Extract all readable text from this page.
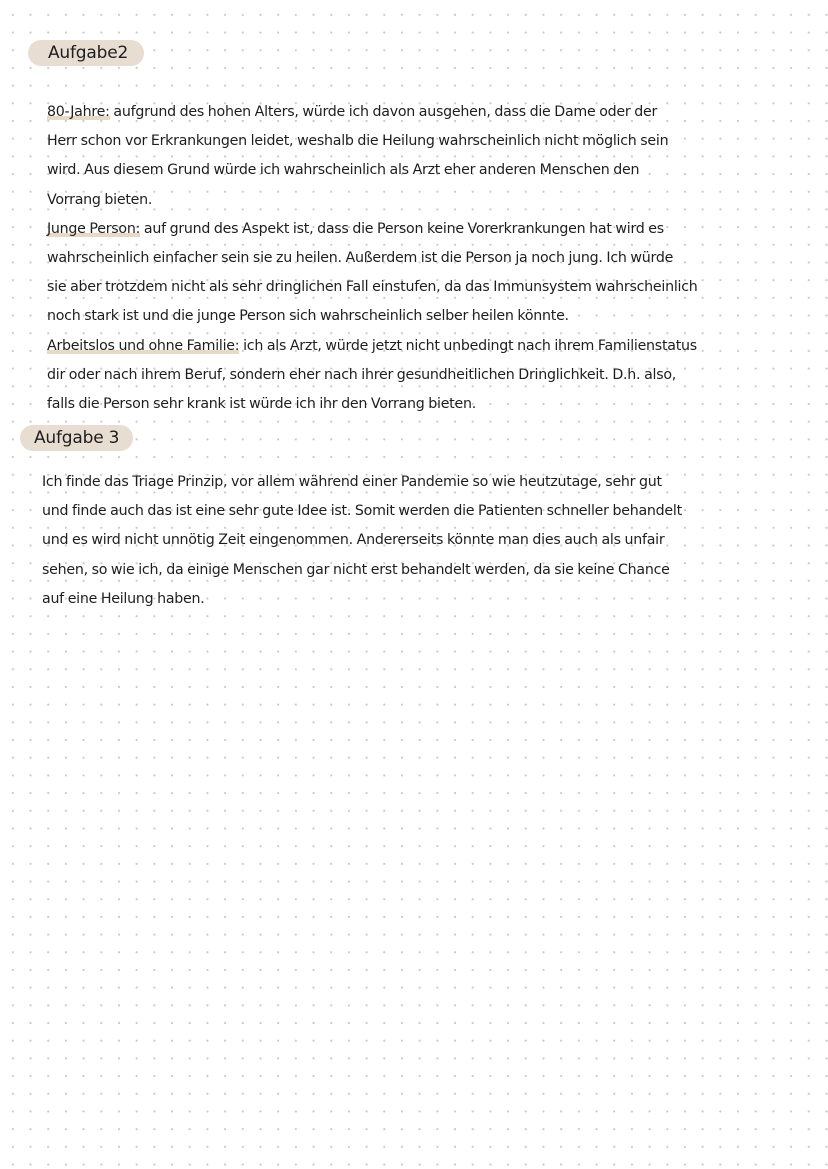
Aufgabe2
80-Jahre: aufgrund des hohen Alters, würde ich davon ausgehen, dass die Dame oder der
Herr schon vor Erkrankungen leidet, weshalb die Heilung wahrscheinlich nicht möglich sein
wird. Aus diesem Grund würde ich wahrscheinlich als Arzt eher anderen Menschen den
Vorrang bieten.
Junge Person: auf grund des Aspekt ist, dass die Person keine Vorerkrankungen hat wird es
wahrscheinlich einfacher sein sie zu heilen. Außerdem ist die Person ja noch jung. Ich würde
sie aber trotzdem nicht als sehr dringlichen Fall einstufen, da das Immunsystem wahrscheinlich
noch stark ist und die junge Person sich wahrscheinlich selber heilen könnte.
Arbeitslos und ohne Familie: ich als Arzt, würde jetzt nicht unbedingt nach ihrem Familienstatus
dir oder nach ihrem Beruf, sondern eher nach ihrer gesundheitlichen Dringlichkeit. D.h. also,
falls die Person sehr krank ist würde ich ihr den Vorrang bieten.
Aufgabe 3
Ich finde das Triage Prinzip, vor allem während einer Pandemie so wie heutzutage, sehr gut
und finde auch das ist eine sehr gute Idee ist. Somit werden die Patienten schneller behandelt
und es wird nicht unnötig Zeit eingenommen. Andererseits könnte man dies auch als unfair
sehen, so wie ich, da einige Menschen gar nicht erst behandelt werden, da sie keine Chance
auf eine Heilung haben.
